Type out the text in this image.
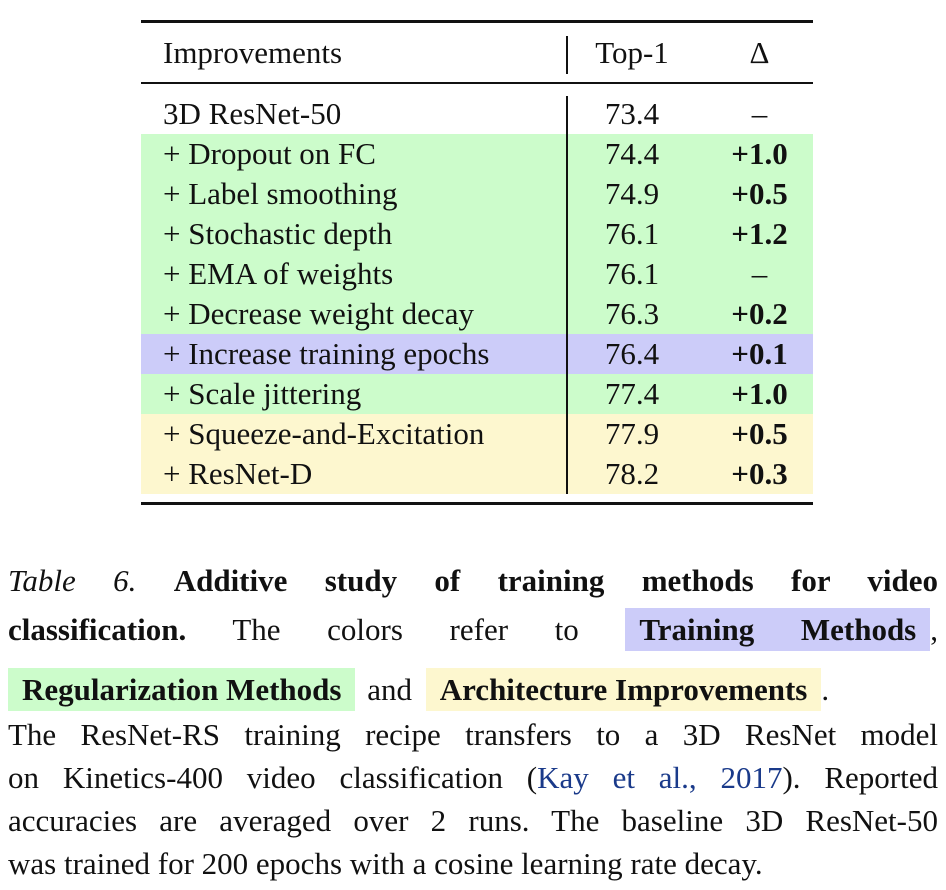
Improvements	Top-1	Δ
3D ResNet-50	73.4	–
+ Dropout on FC	74.4	+1.0
+ Label smoothing	74.9	+0.5
+ Stochastic depth	76.1	+1.2
+ EMA of weights	76.1	–
+ Decrease weight decay	76.3	+0.2
+ Increase training epochs	76.4	+0.1
+ Scale jittering	77.4	+1.0
+ Squeeze-and-Excitation	77.9	+0.5
+ ResNet-D	78.2	+0.3
Table 6. Additive study of training methods for video
classification. The colors refer to Training Methods ,
Regularization Methods and Architecture Improvements .
The ResNet-RS training recipe transfers to a 3D ResNet model
on Kinetics-400 video classification (Kay et al., 2017). Reported
accuracies are averaged over 2 runs. The baseline 3D ResNet-50
was trained for 200 epochs with a cosine learning rate decay.
